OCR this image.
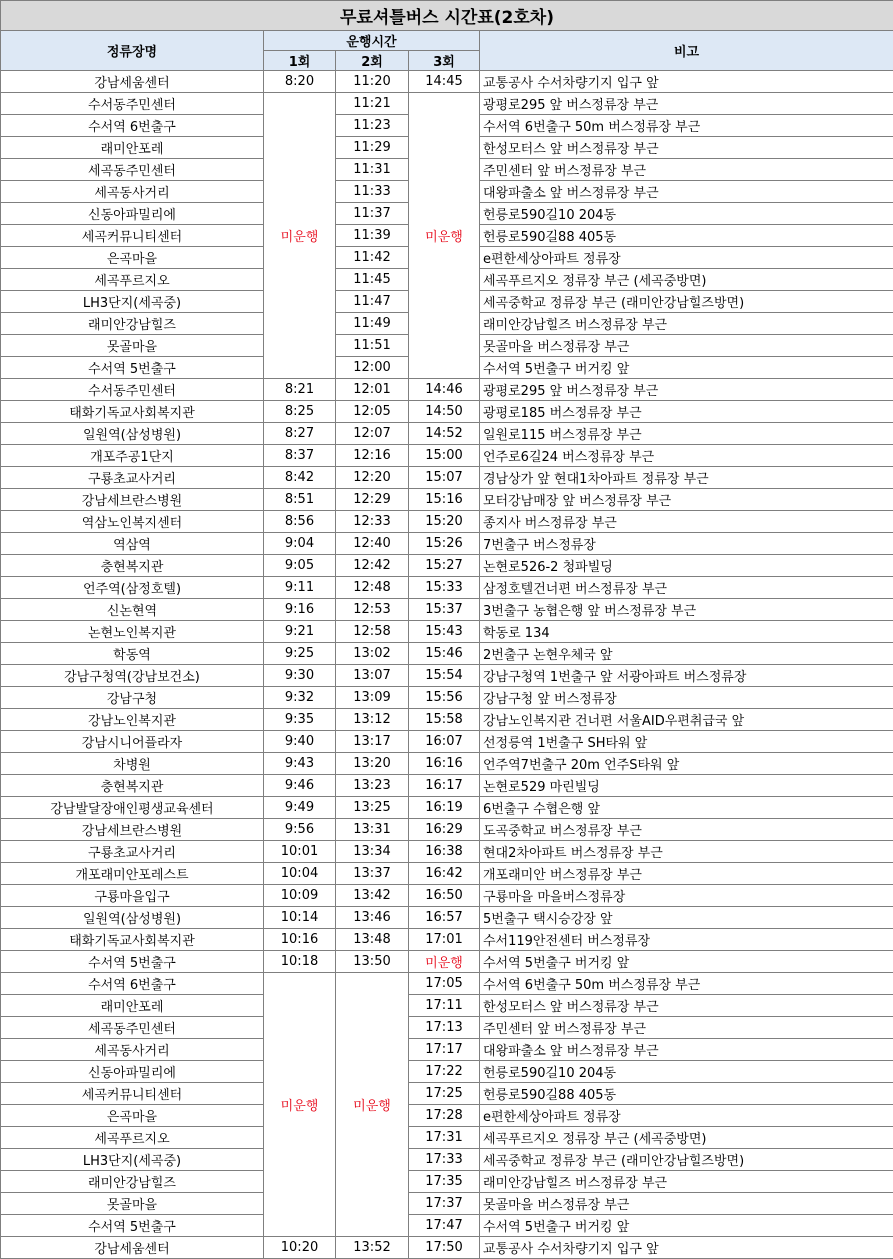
무료셔틀버스 시간표(2호차)				
정류장명	운행시간			비고
	1회	2회	3회	
강남세움센터	8:20	11:20	14:45	교통공사 수서차량기지 입구 앞
수서동주민센터	미운행	11:21	미운행	광평로295 앞 버스정류장 부근
수서역 6번출구		11:23		수서역 6번출구 50m 버스정류장 부근
래미안포레		11:29		한성모터스 앞 버스정류장 부근
세곡동주민센터		11:31		주민센터 앞 버스정류장 부근
세곡동사거리		11:33		대왕파출소 앞 버스정류장 부근
신동아파밀리에		11:37		헌릉로590길10 204동
세곡커뮤니티센터		11:39		헌릉로590길88 405동
은곡마을		11:42		e편한세상아파트 정류장
세곡푸르지오		11:45		세곡푸르지오 정류장 부근 (세곡중방면)
LH3단지(세곡중)		11:47		세곡중학교 정류장 부근 (래미안강남힐즈방면)
래미안강남힐즈		11:49		래미안강남힐즈 버스정류장 부근
못골마을		11:51		못골마을 버스정류장 부근
수서역 5번출구		12:00		수서역 5번출구 버거킹 앞
수서동주민센터	8:21	12:01	14:46	광평로295 앞 버스정류장 부근
태화기독교사회복지관	8:25	12:05	14:50	광평로185 버스정류장 부근
일원역(삼성병원)	8:27	12:07	14:52	일원로115 버스정류장 부근
개포주공1단지	8:37	12:16	15:00	언주로6길24 버스정류장 부근
구룡초교사거리	8:42	12:20	15:07	경남상가 앞 현대1차아파트 정류장 부근
강남세브란스병원	8:51	12:29	15:16	모터강남매장 앞 버스정류장 부근
역삼노인복지센터	8:56	12:33	15:20	종지사 버스정류장 부근
역삼역	9:04	12:40	15:26	7번출구 버스정류장
충현복지관	9:05	12:42	15:27	논현로526-2 청파빌딩
언주역(삼정호텔)	9:11	12:48	15:33	삼정호텔건너편 버스정류장 부근
신논현역	9:16	12:53	15:37	3번출구 농협은행 앞 버스정류장 부근
논현노인복지관	9:21	12:58	15:43	학동로 134
학동역	9:25	13:02	15:46	2번출구 논현우체국 앞
강남구청역(강남보건소)	9:30	13:07	15:54	강남구청역 1번출구 앞 서광아파트 버스정류장
강남구청	9:32	13:09	15:56	강남구청 앞 버스정류장
강남노인복지관	9:35	13:12	15:58	강남노인복지관 건너편 서울AID우편취급국 앞
강남시니어플라자	9:40	13:17	16:07	선정릉역 1번출구 SH타워 앞
차병원	9:43	13:20	16:16	언주역7번출구 20m 언주S타워 앞
충현복지관	9:46	13:23	16:17	논현로529 마린빌딩
강남발달장애인평생교육센터	9:49	13:25	16:19	6번출구 수협은행 앞
강남세브란스병원	9:56	13:31	16:29	도곡중학교 버스정류장 부근
구룡초교사거리	10:01	13:34	16:38	현대2차아파트 버스정류장 부근
개포래미안포레스트	10:04	13:37	16:42	개포래미안 버스정류장 부근
구룡마을입구	10:09	13:42	16:50	구룡마을 마을버스정류장
일원역(삼성병원)	10:14	13:46	16:57	5번출구 택시승강장 앞
태화기독교사회복지관	10:16	13:48	17:01	수서119안전센터 버스정류장
수서역 5번출구	10:18	13:50	미운행	수서역 5번출구 버거킹 앞
수서역 6번출구	미운행	미운행	17:05	수서역 6번출구 50m 버스정류장 부근
래미안포레			17:11	한성모터스 앞 버스정류장 부근
세곡동주민센터			17:13	주민센터 앞 버스정류장 부근
세곡동사거리			17:17	대왕파출소 앞 버스정류장 부근
신동아파밀리에			17:22	헌릉로590길10 204동
세곡커뮤니티센터			17:25	헌릉로590길88 405동
은곡마을			17:28	e편한세상아파트 정류장
세곡푸르지오			17:31	세곡푸르지오 정류장 부근 (세곡중방면)
LH3단지(세곡중)			17:33	세곡중학교 정류장 부근 (래미안강남힐즈방면)
래미안강남힐즈			17:35	래미안강남힐즈 버스정류장 부근
못골마을			17:37	못골마을 버스정류장 부근
수서역 5번출구			17:47	수서역 5번출구 버거킹 앞
강남세움센터	10:20	13:52	17:50	교통공사 수서차량기지 입구 앞
